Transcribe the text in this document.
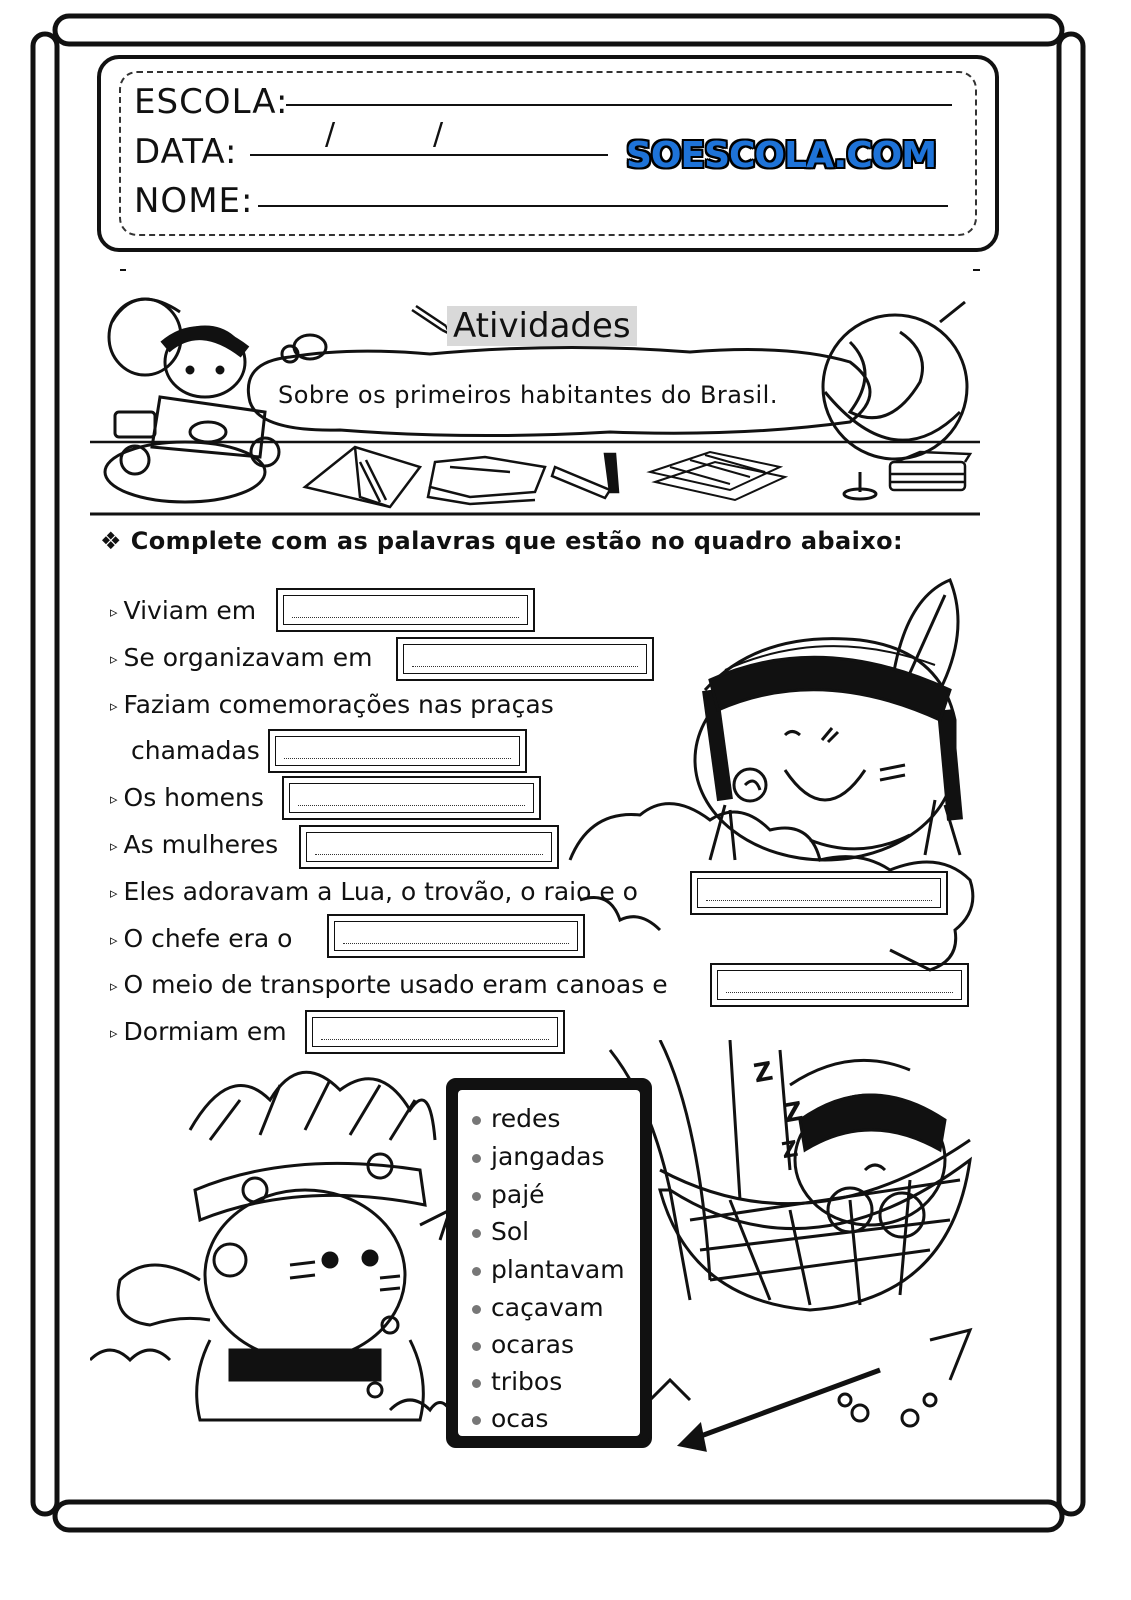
ESCOLA:
DATA:	/	/
NOME:
SOESCOLA.COM
Atividades
Sobre os primeiros habitantes do Brasil.
❖ Complete com as palavras que estão no quadro abaixo:
▹ Viviam em
▹ Se organizavam em
▹ Faziam comemorações nas praças
chamadas
▹ Os homens
▹ As mulheres
▹ Eles adoravam a Lua, o trovão, o raio e o
▹ O chefe era o
▹ O meio de transporte usado eram canoas e
▹ Dormiam em
Z
Z
Z
redes
jangadas
pajé
Sol
plantavam
caçavam
ocaras
tribos
ocas
